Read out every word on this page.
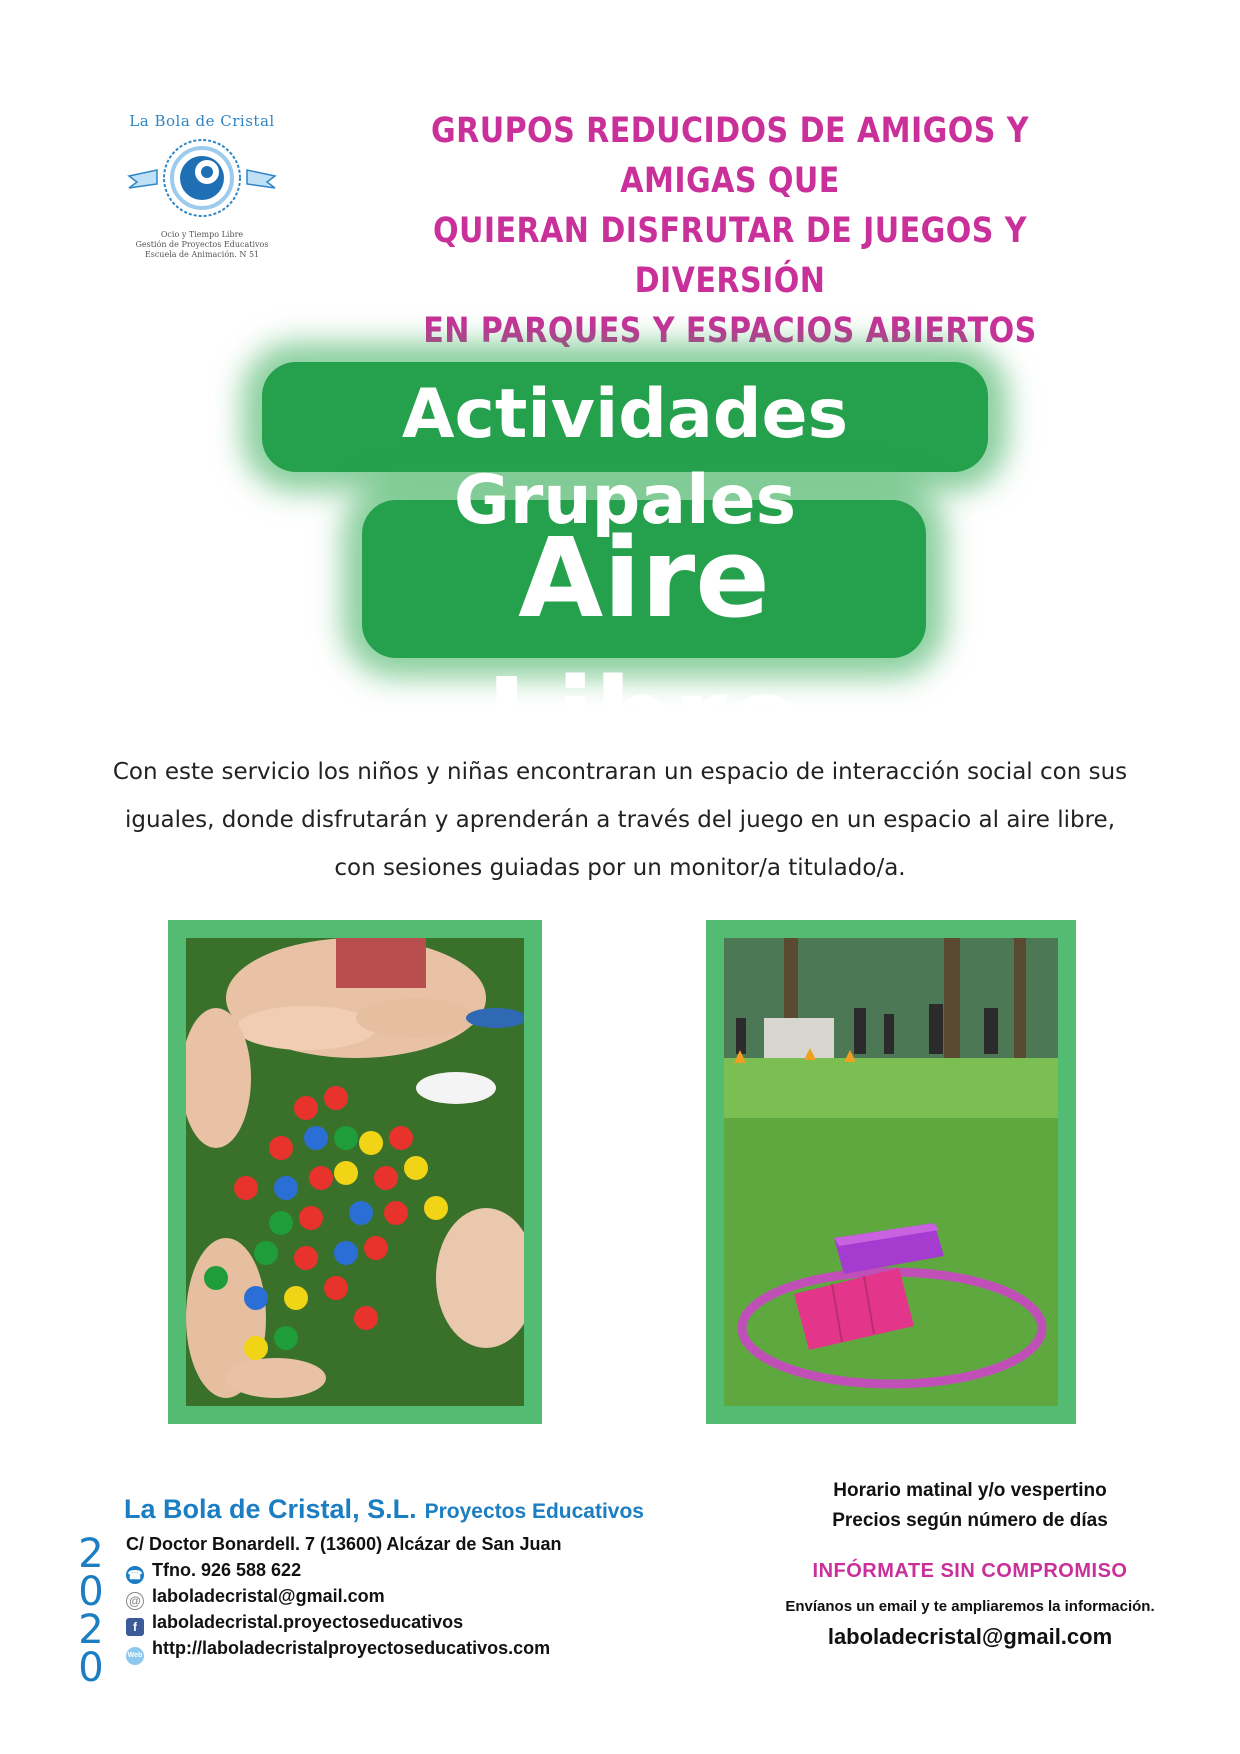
La Bola de Cristal
Ocio y Tiempo Libre
Gestión de Proyectos Educativos
Escuela de Animación. N 51
GRUPOS REDUCIDOS DE AMIGOS Y AMIGAS QUE
QUIERAN DISFRUTAR DE JUEGOS Y DIVERSIÓN
EN PARQUES Y ESPACIOS ABIERTOS
Actividades Grupales
Aire Libre
Con este servicio los niños y niñas encontraran un espacio de interacción social con sus
iguales, donde disfrutarán y aprenderán a través del juego en un espacio al aire libre,
con sesiones guiadas por un monitor/a titulado/a.
La Bola de Cristal, S.L. Proyectos Educativos
C/ Doctor Bonardell. 7 (13600) Alcázar de San Juan
☎ Tfno. 926 588 622
@ laboladecristal@gmail.com
f laboladecristal.proyectoseducativos
Web http://laboladecristalproyectoseducativos.com
2
0
2
0
Horario matinal y/o vespertino
Precios según número de días
INFÓRMATE SIN COMPROMISO
Envíanos un email y te ampliaremos la información.
laboladecristal@gmail.com
